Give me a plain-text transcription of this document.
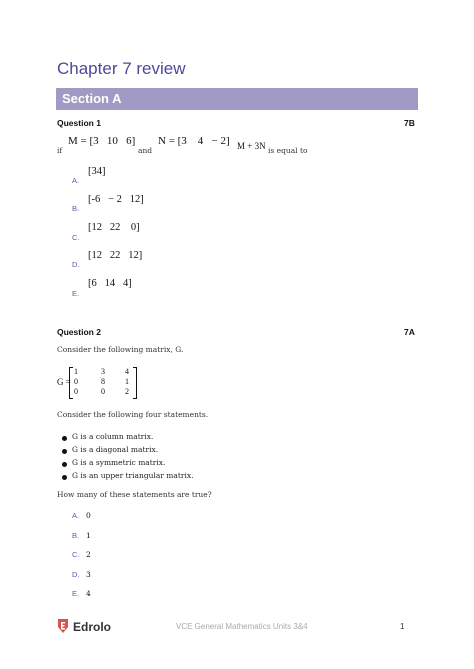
Chapter 7 review
Section A
Question 1	7B
if
M = [3   10   6]
and
N = [3    4   − 2] M + 3N is equal to
A.
[34]
B.
[-6   − 2   12]
C.
[12   22    0]
D.
[12   22   12]
E.
[6   14   4]
Question 2	7A
Consider the following matrix, G.
G =
1	3	4
0	8	1
0	0	2
Consider the following four statements.
G is a column matrix.
G is a diagonal matrix.
G is a symmetric matrix.
G is an upper triangular matrix.
How many of these statements are true?
A. 0
B. 1
C. 2
D. 3
E. 4
Edrolo	VCE General Mathematics Units 3&4	1
